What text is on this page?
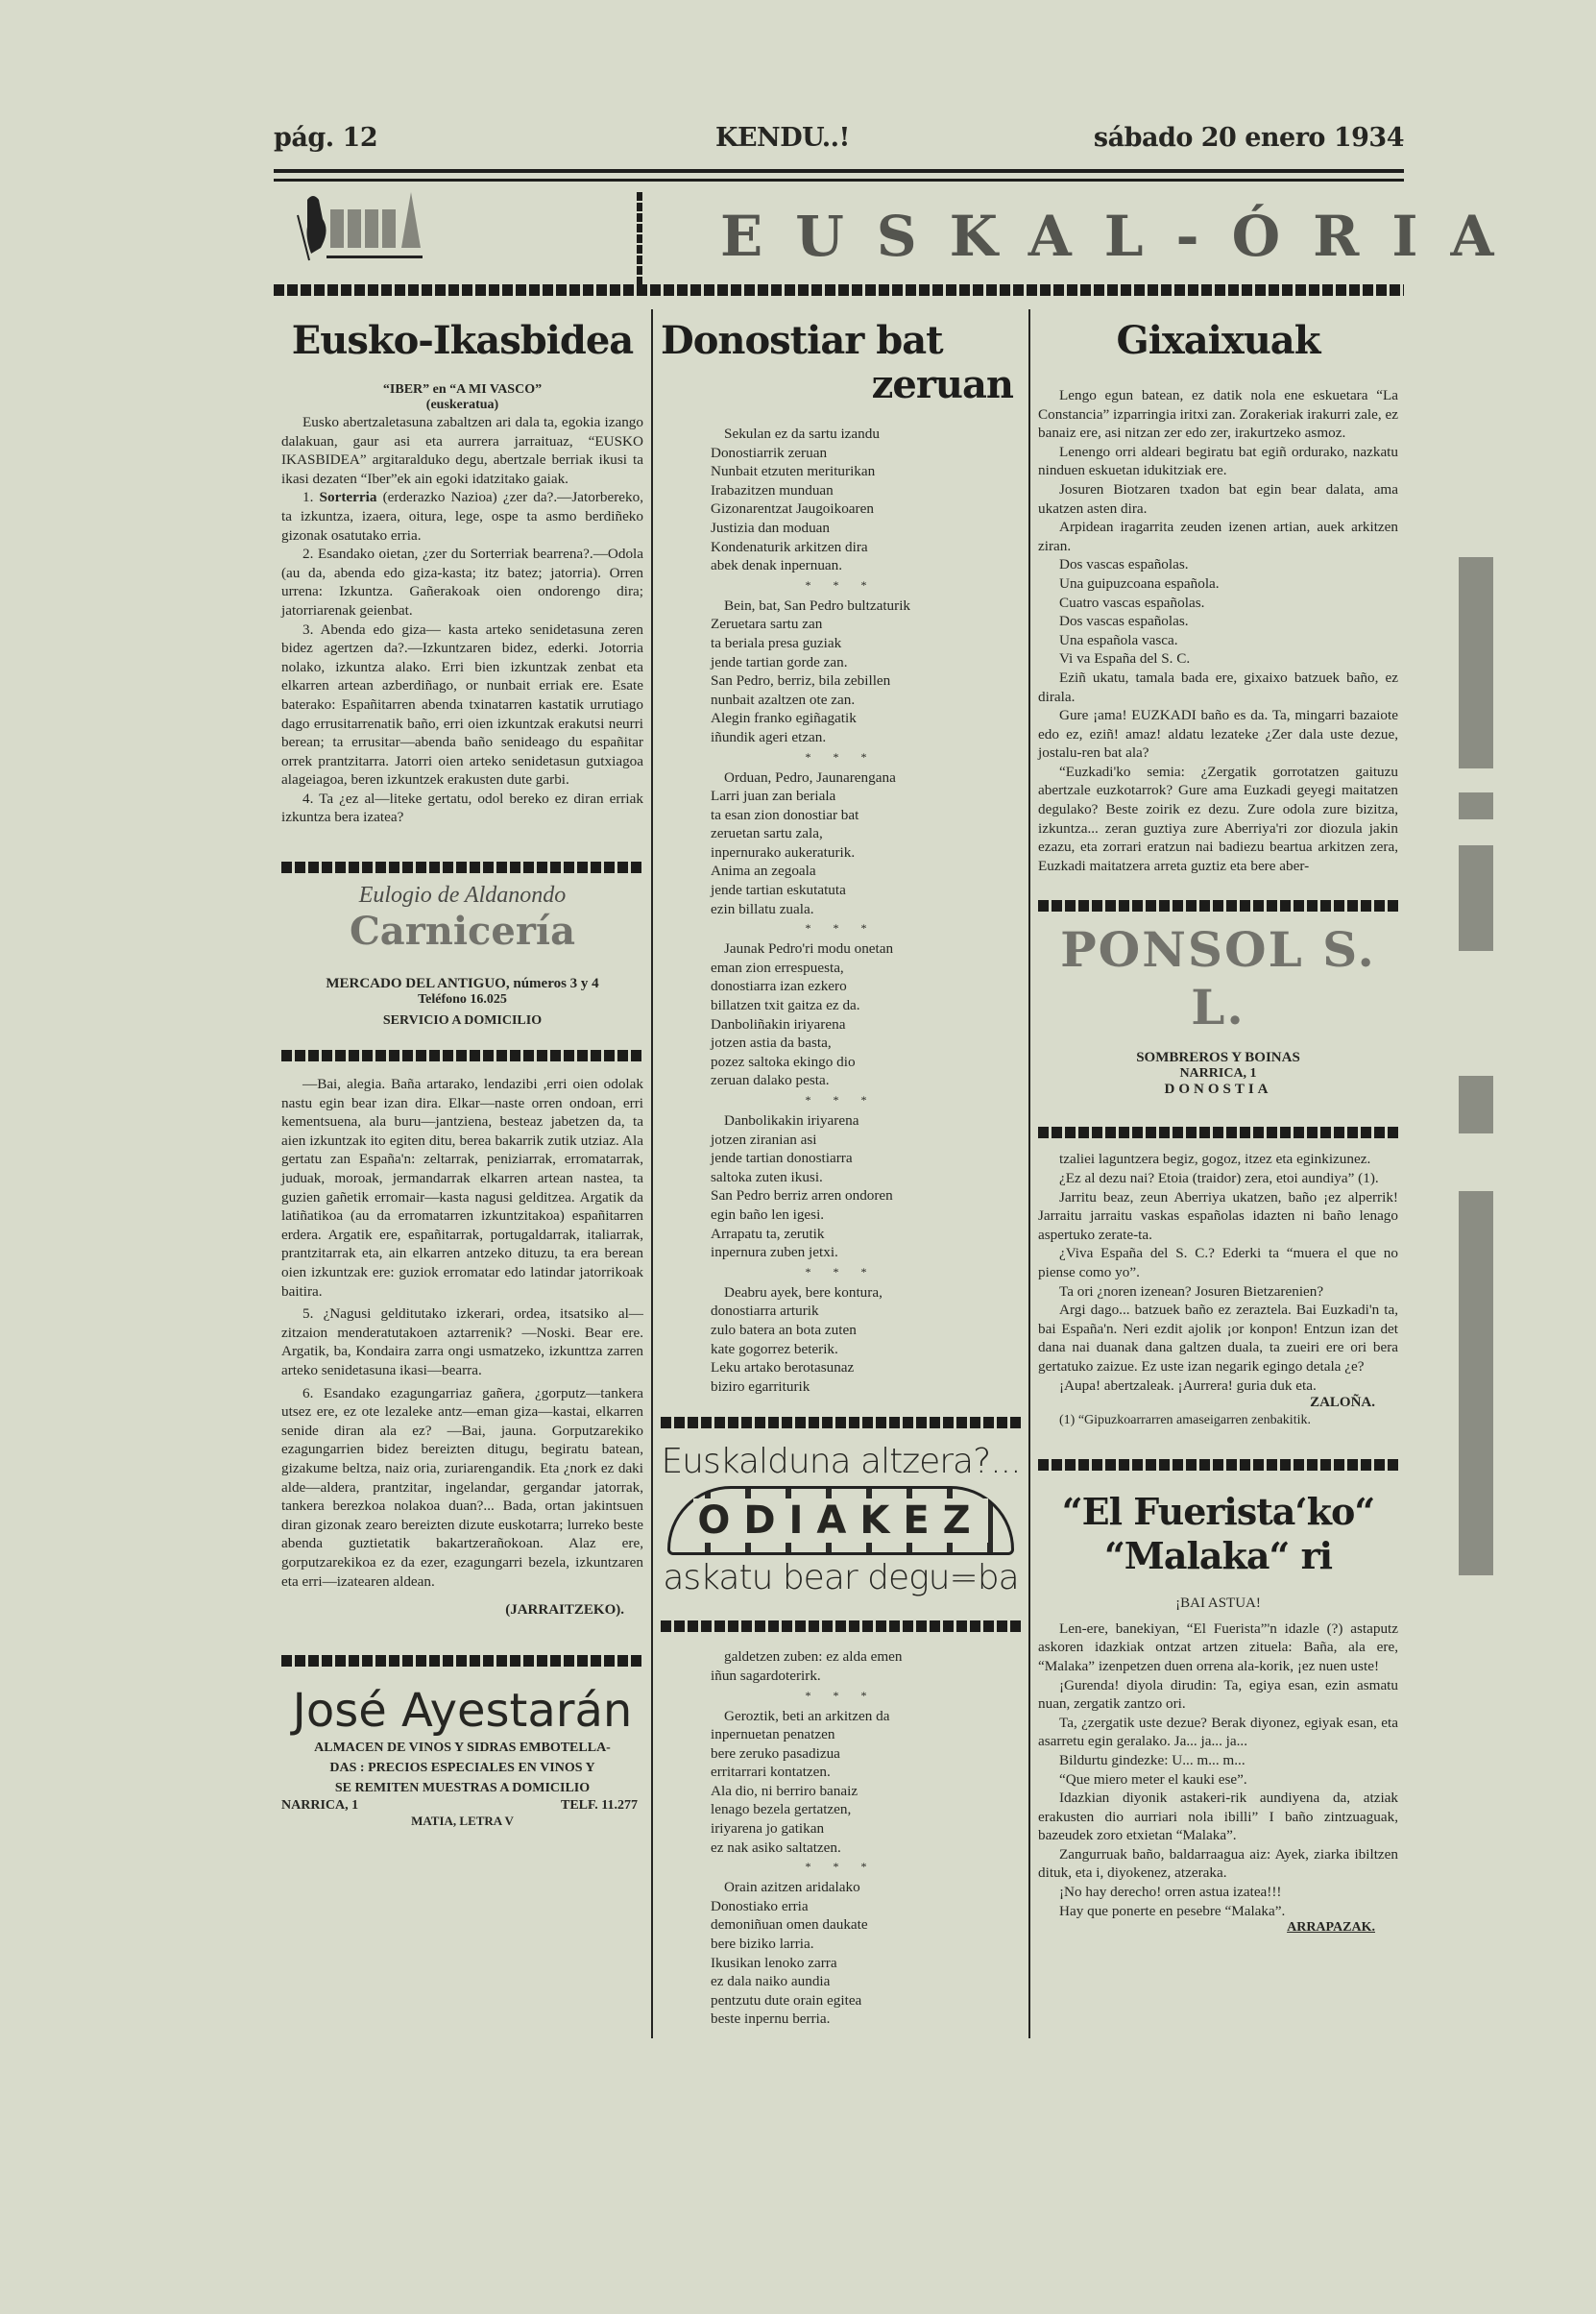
pág. 12	KENDU..!	sábado 20 enero 1934
EUSKAL-ÓRIA
Eusko-Ikasbidea
“IBER” en “A MI VASCO”
(euskeratua)

Eusko abertzaletasuna zabaltzen ari dala ta, egokia izango dalakuan, gaur asi eta aurrera jarraituaz, “EUSKO IKASBIDEA” argitaralduko degu, abertzale berriak ikusi ta ikasi dezaten “Iber”ek ain egoki idatzitako gaiak.

1. Sorterria (erderazko Nazioa) ¿zer da?.—Jatorbereko, ta izkuntza, izaera, oitura, lege, ospe ta asmo berdiñeko gizonak osatutako erria.

2. Esandako oietan, ¿zer du Sorterriak bearrena?.—Odola (au da, abenda edo giza-kasta; itz batez; jatorria). Orren urrena: Izkuntza. Gañerakoak oien ondorengo dira; jatorriarenak geienbat.

3. Abenda edo giza— kasta arteko senidetasuna zeren bidez agertzen da?.—Izkuntzaren bidez, ederki. Jotorria nolako, izkuntza alako. Erri bien izkuntzak zenbat eta elkarren artean azberdiñago, or nunbait erriak ere. Esate baterako: Españitarren abenda txinatarren kastatik urrutiago dago errusitarrenatik baño, erri oien izkuntzak erakutsi neurri berean; ta errusitar—abenda baño senideago du españitar orrek prantzitarra. Jatorri oien arteko senidetasun gutxiagoa alageiagoa, beren izkuntzek erakusten dute garbi.

4. Ta ¿ez al—liteke gertatu, odol bereko ez diran erriak izkuntza bera izatea?

Eulogio de Aldanondo
Carnicería
MERCADO DEL ANTIGUO, números 3 y 4
Teléfono 16.025
SERVICIO A DOMICILIO

—Bai, alegia. Baña artarako, lendazibi ,erri oien odolak nastu egin bear izan dira. Elkar—naste orren ondoan, erri kementsuena, ala buru—jantziena, besteaz jabetzen da, ta aien izkuntzak ito egiten ditu, berea bakarrik zutik utziaz. Ala gertatu zan España'n: zeltarrak, peniziarrak, erromatarrak, juduak, moroak, jermandarrak elkarren artean nastea, ta guzien gañetik erromair—kasta nagusi gelditzea. Argatik da latiñatikoa (au da erromatarren izkuntzitakoa) españitarren erdera. Argatik ere, españitarrak, portugaldarrak, italiarrak, prantzitarrak eta, ain elkarren antzeko dituzu, ta era berean oien izkuntzak ere: guziok erromatar edo latindar jatorrikoak baitira.

5. ¿Nagusi gelditutako izkerari, ordea, itsatsiko al—zitzaion menderatutakoen aztarrenik? —Noski. Bear ere. Argatik, ba, Kondaira zarra ongi usmatzeko, izkunttza zarren arteko senidetasuna ikasi—bearra.

6. Esandako ezagungarriaz gañera, ¿gorputz—tankera utsez ere, ez ote lezaleke antz—eman giza—kastai, elkarren senide diran ala ez? —Bai, jauna. Gorputzarekiko ezagungarrien bidez bereizten ditugu, begiratu batean, gizakume beltza, naiz oria, zuriarengandik. Eta ¿nork ez daki alde—aldera, prantzitar, ingelandar, gergandar jatorrak, tankera berezkoa nolakoa duan?... Bada, ortan jakintsuen diran gizonak zearo bereizten dizute euskotarra; lurreko beste abenda guztietatik bakartzerañokoan. Alaz ere, gorputzarekikoa ez da ezer, ezagungarri bezela, izkuntzaren eta erri—izatearen aldean.

(JARRAITZEKO).
José Ayestarán
ALMACEN DE VINOS Y SIDRAS EMBOTELLA-
DAS : PRECIOS ESPECIALES EN VINOS Y
SE REMITEN MUESTRAS A DOMICILIO
NARRICA, 1	TELF. 11.277
MATIA, LETRA V
Donostiar bat
zeruan
Sekulan ez da sartu izandu
Donostiarrik zeruan
Nunbait etzuten meriturikan
Irabazitzen munduan
Gizonarentzat Jaugoikoaren
Justizia dan moduan
Kondenaturik arkitzen dira
abek denak inpernuan.
* * *
Bein, bat, San Pedro bultzaturik
Zeruetara sartu zan
ta beriala presa guziak
jende tartian gorde zan.
San Pedro, berriz, bila zebillen
nunbait azaltzen ote zan.
Alegin franko egiñagatik
iñundik ageri etzan.
* * *
Orduan, Pedro, Jaunarengana
Larri juan zan beriala
ta esan zion donostiar bat
zeruetan sartu zala,
inpernurako aukeraturik.
Anima an zegoala
jende tartian eskutatuta
ezin billatu zuala.
* * *
Jaunak Pedro'ri modu onetan
eman zion errespuesta,
donostiarra izan ezkero
billatzen txit gaitza ez da.
Danboliñakin iriyarena
jotzen astia da basta,
pozez saltoka ekingo dio
zeruan dalako pesta.
* * *
Danbolikakin iriyarena
jotzen ziranian asi
jende tartian donostiarra
saltoka zuten ikusi.
San Pedro berriz arren ondoren
egin baño len igesi.
Arrapatu ta, zerutik
inpernura zuben jetxi.
* * *
Deabru ayek, bere kontura,
donostiarra arturik
zulo batera an bota zuten
kate gogorrez beterik.
Leku artako berotasunaz
biziro egarriturik
Euskalduna altzera?...
ODIAKEZ
askatu bear degu=ba
galdetzen zuben: ez alda emen
iñun sagardoterirk.
* * *
Geroztik, beti an arkitzen da
inpernuetan penatzen
bere zeruko pasadizua
erritarrari kontatzen.
Ala dio, ni berriro banaiz
lenago bezela gertatzen,
iriyarena jo gatikan
ez nak asiko saltatzen.
* * *
Orain azitzen aridalako
Donostiako erria
demoniñuan omen daukate
bere biziko larria.
Ikusikan lenoko zarra
ez dala naiko aundia
pentzutu dute orain egitea
beste inpernu berria.
Gixaixuak

Lengo egun batean, ez datik nola ene eskuetara “La Constancia” izparringia iritxi zan. Zorakeriak irakurri zale, ez banaiz ere, asi nitzan zer edo zer, irakurtzeko asmoz.

Lenengo orri aldeari begiratu bat egiñ ordurako, nazkatu ninduen eskuetan idukitziak ere.

Josuren Biotzaren txadon bat egin bear dalata, ama ukatzen asten dira.

Arpidean iragarrita zeuden izenen artian, auek arkitzen ziran.

Dos vascas españolas.

Una guipuzcoana española.

Cuatro vascas españolas.

Dos vascas españolas.

Una española vasca.

Vi va España del S. C.

Eziñ ukatu, tamala bada ere, gixaixo batzuek baño, ez dirala.

Gure ¡ama! EUZKADI baño es da. Ta, mingarri bazaiote edo ez, eziñ! amaz! aldatu lezateke ¿Zer dala uste dezue, jostalu-ren bat ala?

“Euzkadi'ko semia: ¿Zergatik gorrotatzen gaituzu abertzale euzkotarrok? Gure ama Euzkadi geyegi maitatzen degulako? Beste zoirik ez dezu. Zure odola zure bizitza, izkuntza... zeran guztiya zure Aberriya'ri zor diozula jakin ezazu, eta zorrari eratzun nai badiezu beartua arkitzen zera, Euzkadi maitatzera arreta guztiz eta bere aber-

PONSOL S. L.
SOMBREROS Y BOINAS
NARRICA, 1
DONOSTIA

tzaliei laguntzera begiz, gogoz, itzez eta eginkizunez.

¿Ez al dezu nai? Etoia (traidor) zera, etoi aundiya” (1).

Jarritu beaz, zeun Aberriya ukatzen, baño ¡ez alperrik! Jarraitu jarraitu vaskas españolas idazten ni baño lenago aspertuko zerate-ta.

¿Viva España del S. C.? Ederki ta “muera el que no piense como yo”.

Ta ori ¿noren izenean? Josuren Bietzarenien?

Argi dago... batzuek baño ez zeraztela. Bai Euzkadi'n ta, bai España'n. Neri ezdit ajolik ¡or konpon! Entzun izan det dana nai duanak dana galtzen duala, ta zueiri ere ori bera gertatuko zaizue. Ez uste izan negarik egingo detala ¿e?

¡Aupa! abertzaleak. ¡Aurrera! guria duk eta.

ZALOÑA.

(1) “Gipuzkoarrarren amaseigarren zenbakitik.

“El Fuerista‘ko“
“Malaka“ ri
¡BAI ASTUA!

Len-ere, banekiyan, “El Fuerista”'n idazle (?) astaputz askoren idazkiak ontzat artzen zituela: Baña, ala ere, “Malaka” izenpetzen duen orrena ala-korik, ¡ez nuen uste!

¡Gurenda! diyola dirudin: Ta, egiya esan, ezin asmatu nuan, zergatik zantzo ori.

Ta, ¿zergatik uste dezue? Berak diyonez, egiyak esan, eta asarretu egin geralako. Ja... ja... ja...

Bildurtu gindezke: U... m... m...

“Que miero meter el kauki ese”.

Idazkian diyonik astakeri-rik aundiyena da, atziak erakusten dio aurriari nola ibilli” I baño zintzuaguak, bazeudek zoro etxietan “Malaka”.

Zangurruak baño, baldarraagua aiz: Ayek, ziarka ibiltzen dituk, eta i, diyokenez, atzeraka.

¡No hay derecho! orren astua izatea!!!

Hay que ponerte en pesebre “Malaka”.

ARRAPAZAK.
